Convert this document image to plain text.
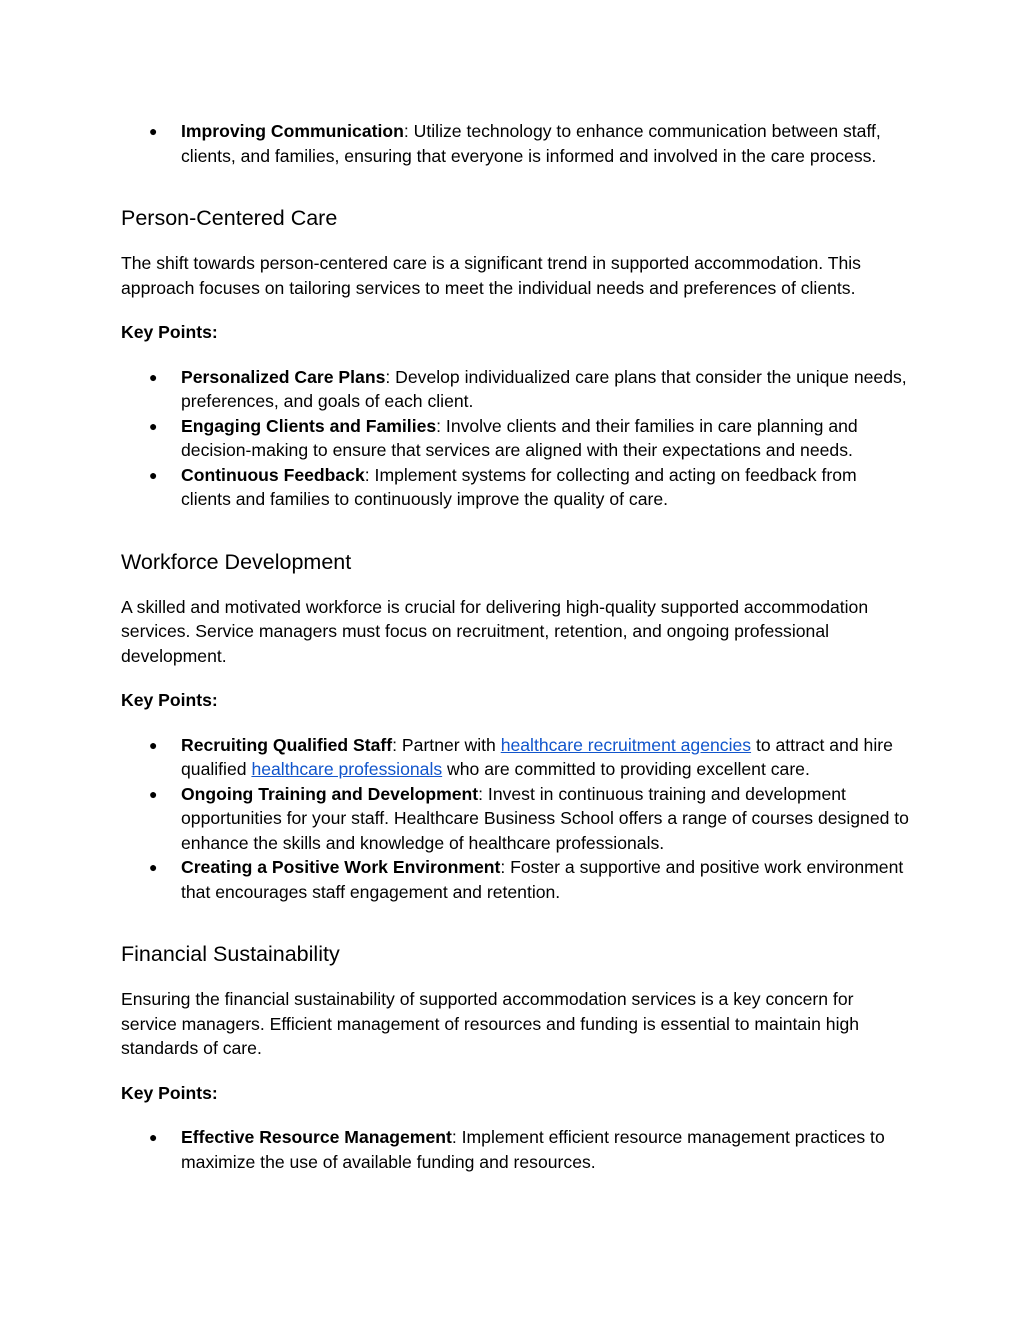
● Improving Communication: Utilize technology to enhance communication between staff, clients, and families, ensuring that everyone is informed and involved in the care process.
Person-Centered Care

The shift towards person-centered care is a significant trend in supported accommodation. This approach focuses on tailoring services to meet the individual needs and preferences of clients.

Key Points:
● Personalized Care Plans: Develop individualized care plans that consider the unique needs, preferences, and goals of each client.
● Engaging Clients and Families: Involve clients and their families in care planning and decision-making to ensure that services are aligned with their expectations and needs.
● Continuous Feedback: Implement systems for collecting and acting on feedback from clients and families to continuously improve the quality of care.
Workforce Development

A skilled and motivated workforce is crucial for delivering high-quality supported accommodation services. Service managers must focus on recruitment, retention, and ongoing professional development.

Key Points:
● Recruiting Qualified Staff: Partner with healthcare recruitment agencies to attract and hire qualified healthcare professionals who are committed to providing excellent care.
● Ongoing Training and Development: Invest in continuous training and development opportunities for your staff. Healthcare Business School offers a range of courses designed to enhance the skills and knowledge of healthcare professionals.
● Creating a Positive Work Environment: Foster a supportive and positive work environment that encourages staff engagement and retention.
Financial Sustainability

Ensuring the financial sustainability of supported accommodation services is a key concern for service managers. Efficient management of resources and funding is essential to maintain high standards of care.

Key Points:
● Effective Resource Management: Implement efficient resource management practices to maximize the use of available funding and resources.
